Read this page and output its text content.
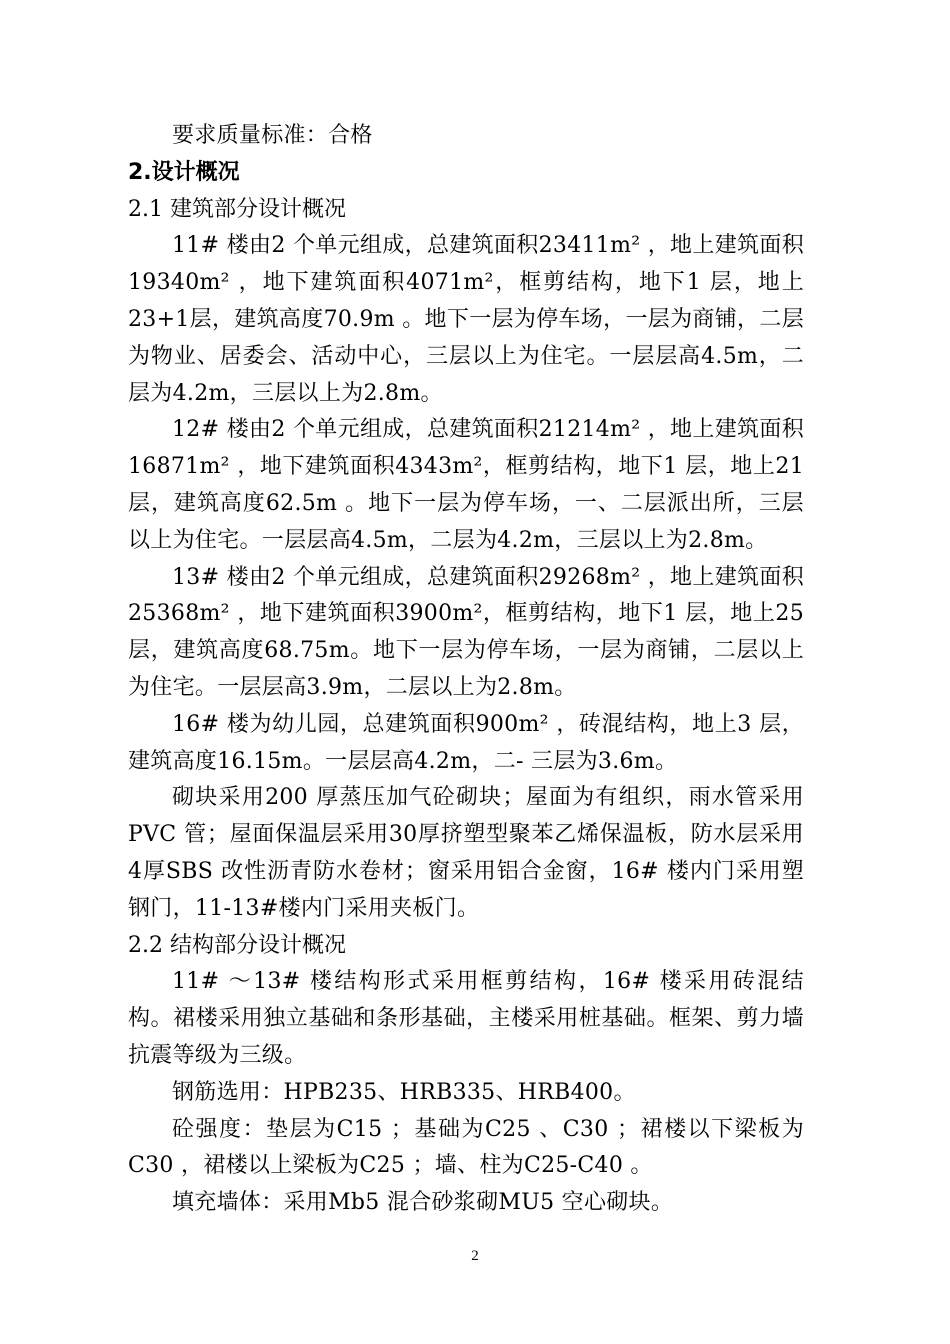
要求质量标准：合格

2.设计概况

2.1 建筑部分设计概况

11# 楼由2 个单元组成，总建筑面积23411m² ，地上建筑面积19340m² ，地下建筑面积4071m²，框剪结构，地下1 层，地上23+1层，建筑高度70.9m 。地下一层为停车场，一层为商铺，二层为物业、居委会、活动中心，三层以上为住宅。一层层高4.5m，二层为4.2m，三层以上为2.8m。

12# 楼由2 个单元组成，总建筑面积21214m² ，地上建筑面积16871m² ，地下建筑面积4343m²，框剪结构，地下1 层，地上21层，建筑高度62.5m 。地下一层为停车场，一、二层派出所，三层以上为住宅。一层层高4.5m，二层为4.2m，三层以上为2.8m。

13# 楼由2 个单元组成，总建筑面积29268m² ，地上建筑面积25368m² ，地下建筑面积3900m²，框剪结构，地下1 层，地上25层，建筑高度68.75m。地下一层为停车场，一层为商铺，二层以上为住宅。一层层高3.9m，二层以上为2.8m。

16# 楼为幼儿园，总建筑面积900m² ，砖混结构，地上3 层，建筑高度16.15m。一层层高4.2m，二- 三层为3.6m。

砌块采用200 厚蒸压加气砼砌块；屋面为有组织，雨水管采用PVC 管；屋面保温层采用30厚挤塑型聚苯乙烯保温板，防水层采用4厚SBS 改性沥青防水卷材；窗采用铝合金窗，16# 楼内门采用塑钢门，11-13#楼内门采用夹板门。

2.2 结构部分设计概况

11# ～13# 楼结构形式采用框剪结构，16# 楼采用砖混结构。裙楼采用独立基础和条形基础，主楼采用桩基础。框架、剪力墙抗震等级为三级。

钢筋选用：HPB235、HRB335、HRB400。

砼强度：垫层为C15 ；基础为C25 、C30 ；裙楼以下梁板为C30 ，裙楼以上梁板为C25 ；墙、柱为C25-C40 。

填充墙体：采用Mb5 混合砂浆砌MU5 空心砌块。

2
